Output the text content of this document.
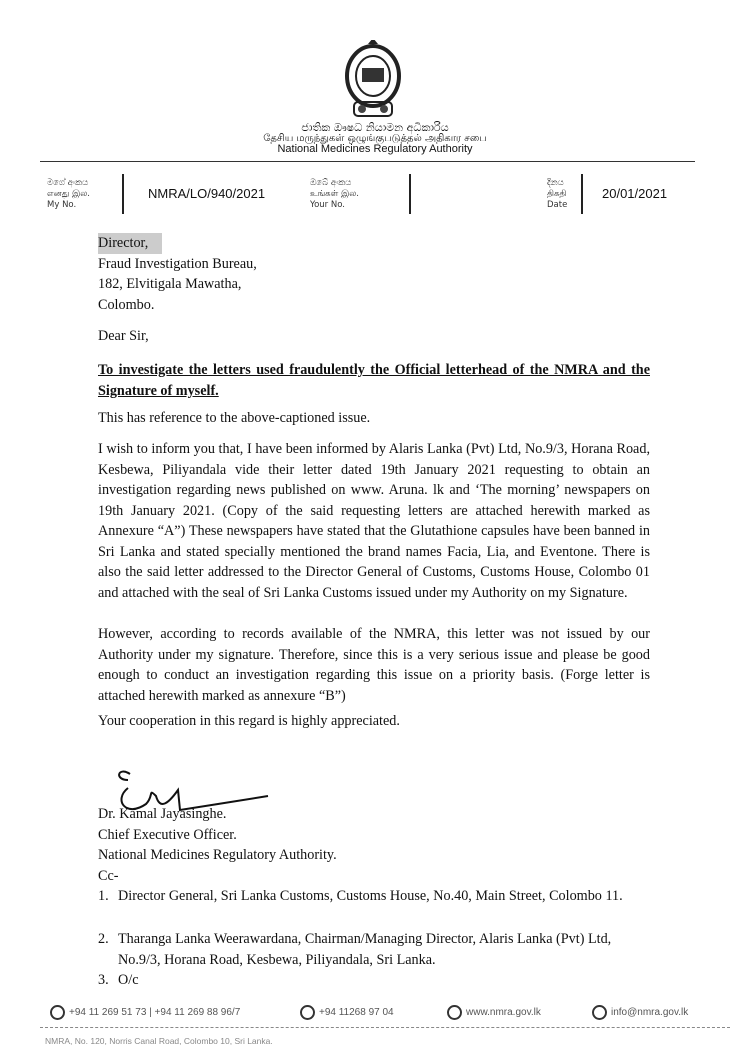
ජාතික ඖෂධ නියාමන අධිකාරිය
தேசிய மருந்துகள் ஒழுங்குபடுத்தல் அதிகார சபை
National Medicines Regulatory Authority
මගේ අංකය
எனது இல.
My No.
NMRA/LO/940/2021
ඔබේ අංකය
உங்கள் இல.
Your No.
දිනය
திகதி
Date
20/01/2021
Director,
Fraud Investigation Bureau,
182, Elvitigala Mawatha,
Colombo.
Dear Sir,
To investigate the letters used fraudulently the Official letterhead of the NMRA and the Signature of myself.
This has reference to the above-captioned issue.
I wish to inform you that, I have been informed by Alaris Lanka (Pvt) Ltd, No.9/3, Horana Road, Kesbewa, Piliyandala vide their letter dated 19th January 2021 requesting to obtain an investigation regarding news published on www. Aruna. lk and ‘The morning’ newspapers on 19th January 2021. (Copy of the said requesting letters are attached herewith marked as Annexure “A”) These newspapers have stated that the Glutathione capsules have been banned in Sri Lanka and stated specially mentioned the brand names Facia, Lia, and Eventone. There is also the said letter addressed to the Director General of Customs, Customs House, Colombo 01 and attached with the seal of Sri Lanka Customs issued under my Authority on my Signature.
However, according to records available of the NMRA, this letter was not issued by our Authority under my signature. Therefore, since this is a very serious issue and please be good enough to conduct an investigation regarding this issue on a priority basis. (Forge letter is attached herewith marked as annexure “B”)
Your cooperation in this regard is highly appreciated.
Dr. Kamal Jayasinghe.
Chief Executive Officer.
National Medicines Regulatory Authority.
Cc-
1. Director General, Sri Lanka Customs, Customs House, No.40, Main Street, Colombo 11.
2. Tharanga Lanka Weerawardana, Chairman/Managing Director, Alaris Lanka (Pvt) Ltd, No.9/3, Horana Road, Kesbewa, Piliyandala, Sri Lanka.
3. O/c
+94 11 269 51 73 | +94 11 269 88 96/7	+94 11268 97 04	www.nmra.gov.lk	info@nmra.gov.lk
NMRA, No. 120, Norris Canal Road, Colombo 10, Sri Lanka.
